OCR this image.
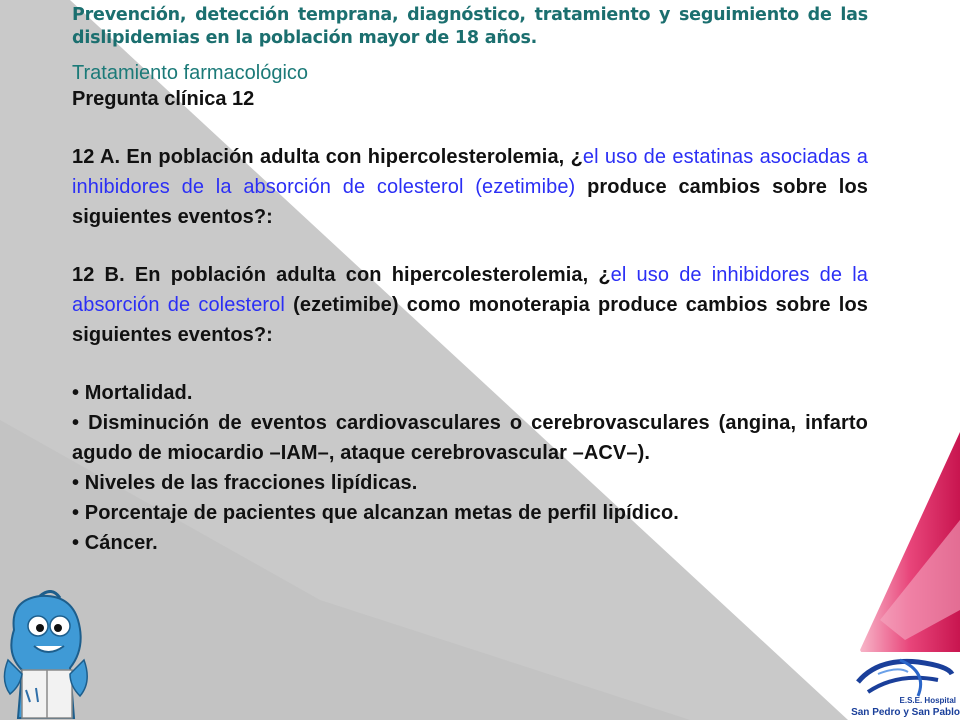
Prevención, detección temprana, diagnóstico, tratamiento y seguimiento de las dislipidemias en la población mayor de 18 años.
Tratamiento farmacológico
Pregunta clínica 12
12 A. En población adulta con hipercolesterolemia, ¿el uso de estatinas asociadas a inhibidores de la absorción de colesterol (ezetimibe) produce cambios sobre los siguientes eventos?:
12 B. En población adulta con hipercolesterolemia, ¿el uso de inhibidores de la absorción de colesterol (ezetimibe) como monoterapia produce cambios sobre los siguientes eventos?:
• Mortalidad.
• Disminución de eventos cardiovasculares o cerebrovasculares (angina, infarto agudo de miocardio –IAM–, ataque cerebrovascular –ACV–).
• Niveles de las fracciones lipídicas.
• Porcentaje de pacientes que alcanzan metas de perfil lipídico.
• Cáncer.
E.S.E. Hospital
San Pedro y San Pablo
